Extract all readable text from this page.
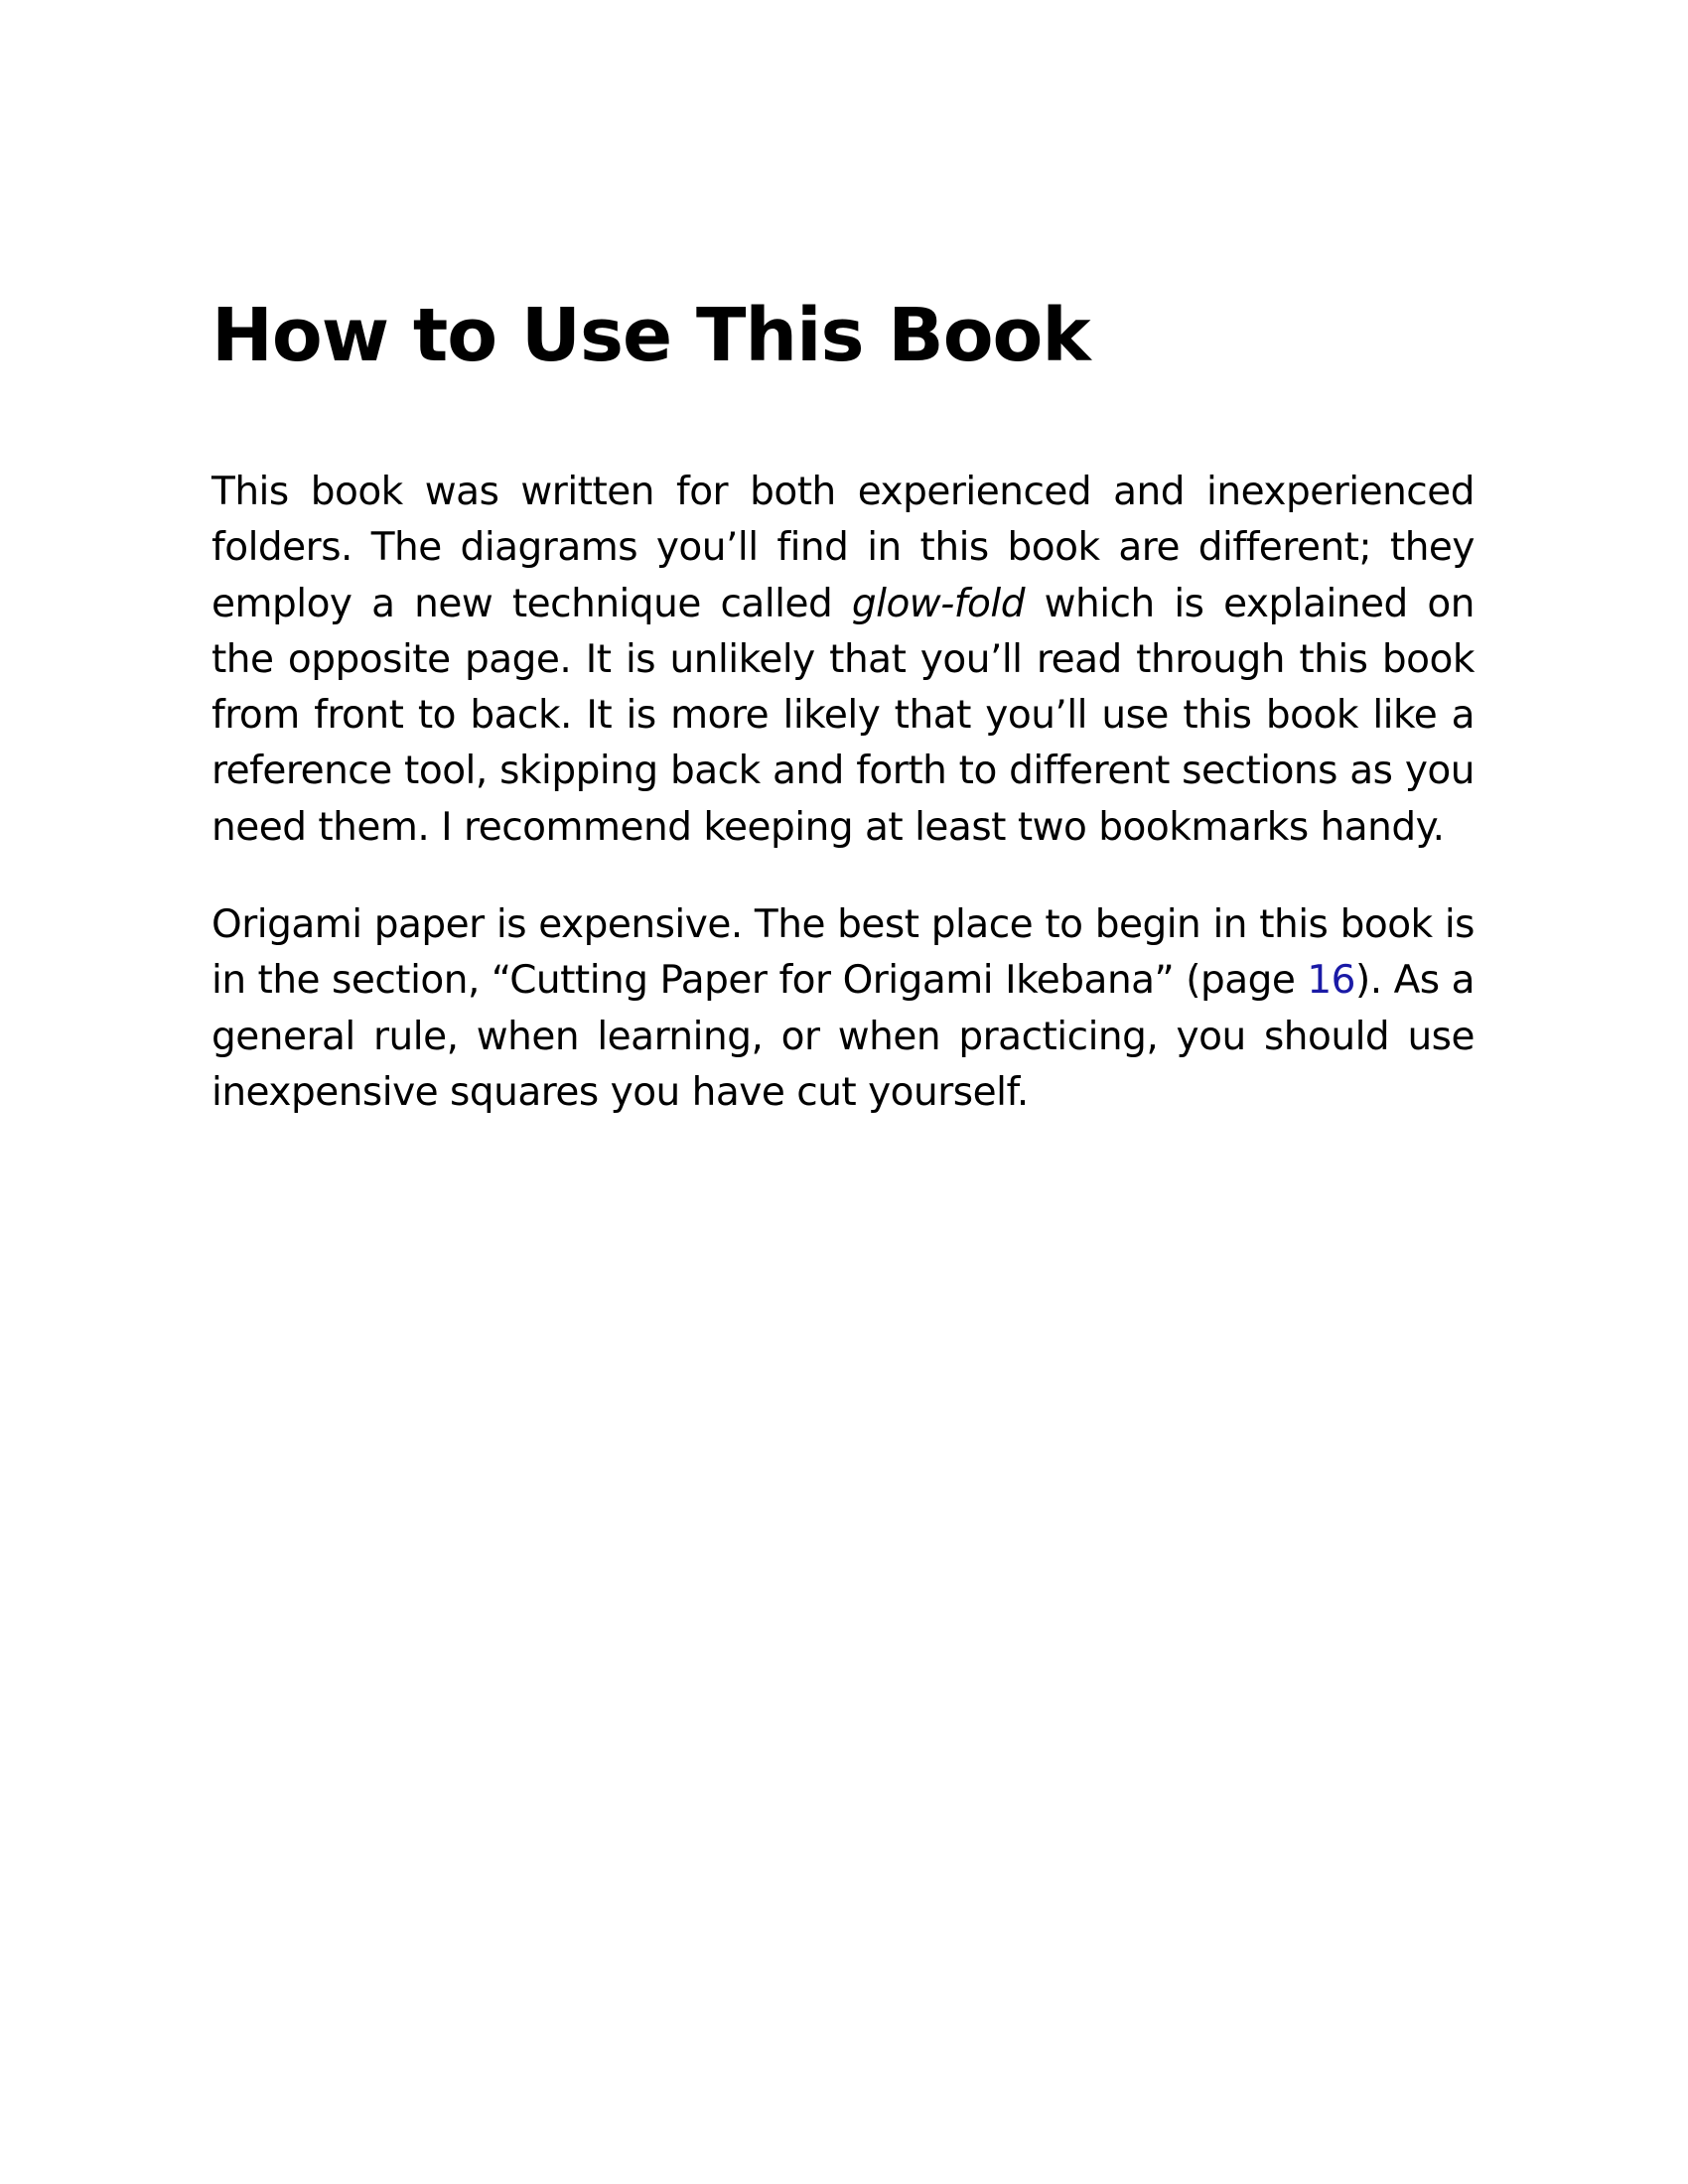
How to Use This Book

This book was written for both experienced and inexperienced folders. The diagrams you’ll find in this book are different; they employ a new technique called glow-fold which is explained on the opposite page. It is unlikely that you’ll read through this book from front to back. It is more likely that you’ll use this book like a reference tool, skipping back and forth to different sections as you need them. I recommend keeping at least two bookmarks handy.

Origami paper is expensive. The best place to begin in this book is in the section, “Cutting Paper for Origami Ikebana” (page 16). As a general rule, when learning, or when practicing, you should use inexpensive squares you have cut yourself.
